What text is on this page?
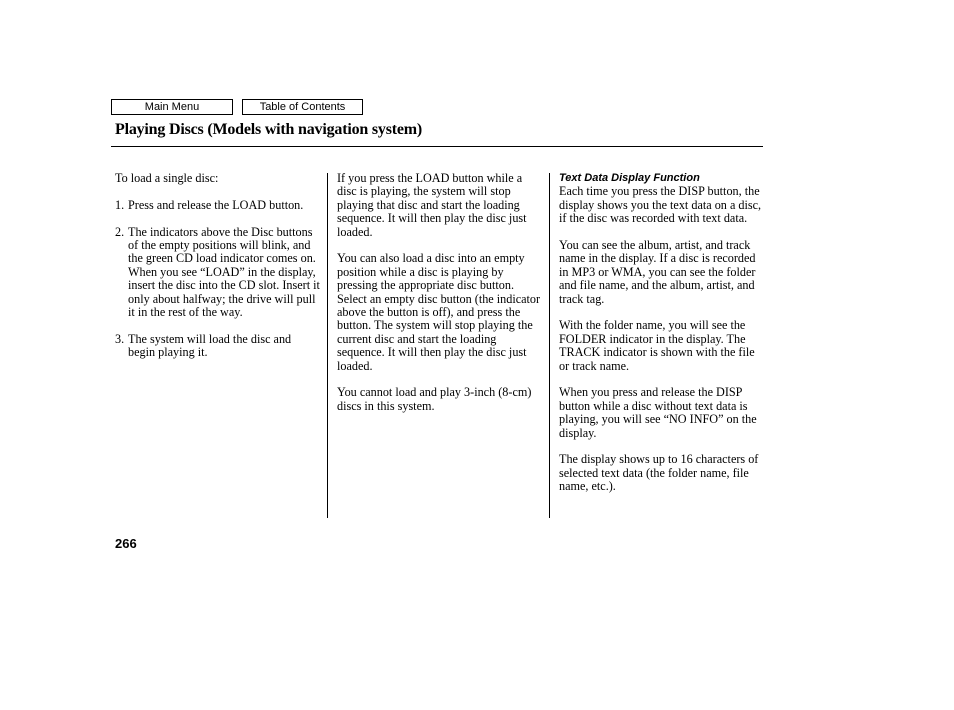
Main Menu	Table of Contents
Playing Discs (Models with navigation system)

To load a single disc:

1. Press and release the LOAD button.
2. The indicators above the Disc buttons of the empty positions will blink, and the green CD load indicator comes on. When you see “LOAD” in the display, insert the disc into the CD slot. Insert it only about halfway; the drive will pull it in the rest of the way.
3. The system will load the disc and begin playing it.

If you press the LOAD button while a disc is playing, the system will stop playing that disc and start the loading sequence. It will then play the disc just loaded.

You can also load a disc into an empty position while a disc is playing by pressing the appropriate disc button. Select an empty disc button (the indicator above the button is off), and press the button. The system will stop playing the current disc and start the loading sequence. It will then play the disc just loaded.

You cannot load and play 3-inch (8-cm) discs in this system.

Text Data Display Function

Each time you press the DISP button, the display shows you the text data on a disc, if the disc was recorded with text data.

You can see the album, artist, and track name in the display. If a disc is recorded in MP3 or WMA, you can see the folder and file name, and the album, artist, and track tag.

With the folder name, you will see the FOLDER indicator in the display. The TRACK indicator is shown with the file or track name.

When you press and release the DISP button while a disc without text data is playing, you will see “NO INFO” on the display.

The display shows up to 16 characters of selected text data (the folder name, file name, etc.).

266
